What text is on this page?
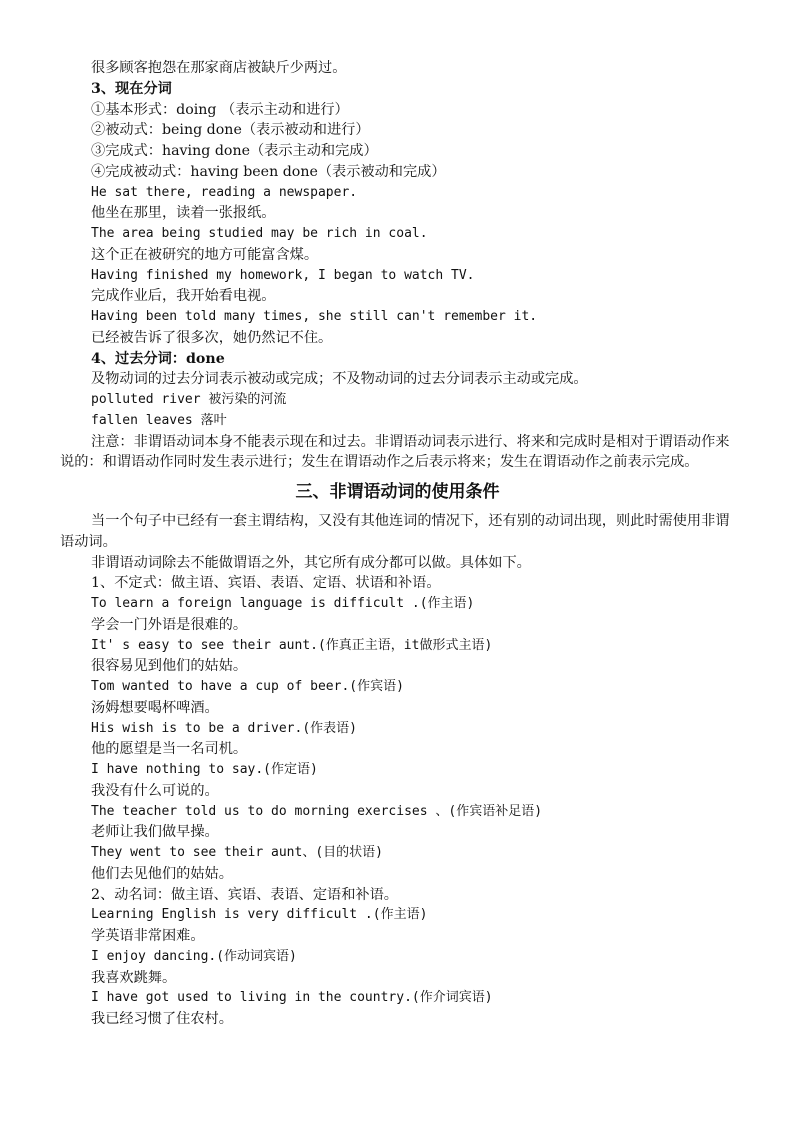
很多顾客抱怨在那家商店被缺斤少两过。
3、现在分词
①基本形式：doing （表示主动和进行）
②被动式：being done（表示被动和进行）
③完成式：having done（表示主动和完成）
④完成被动式：having been done（表示被动和完成）
He sat there, reading a newspaper.
他坐在那里，读着一张报纸。
The area being studied may be rich in coal.
这个正在被研究的地方可能富含煤。
Having finished my homework, I began to watch TV.
完成作业后，我开始看电视。
Having been told many times, she still can't remember it.
已经被告诉了很多次，她仍然记不住。
4、过去分词：done
及物动词的过去分词表示被动或完成；不及物动词的过去分词表示主动或完成。
polluted river 被污染的河流
fallen leaves 落叶
注意：非谓语动词本身不能表示现在和过去。非谓语动词表示进行、将来和完成时是相对于谓语动作来说的：和谓语动作同时发生表示进行；发生在谓语动作之后表示将来；发生在谓语动作之前表示完成。
三、非谓语动词的使用条件
当一个句子中已经有一套主谓结构，又没有其他连词的情况下，还有别的动词出现，则此时需使用非谓语动词。
非谓语动词除去不能做谓语之外，其它所有成分都可以做。具体如下。
1、不定式：做主语、宾语、表语、定语、状语和补语。
To learn a foreign language is difficult .(作主语)
学会一门外语是很难的。
It' s easy to see their aunt.(作真正主语，it做形式主语)
很容易见到他们的姑姑。
Tom wanted to have a cup of beer.(作宾语)
汤姆想要喝杯啤酒。
His wish is to be a driver.(作表语)
他的愿望是当一名司机。
I have nothing to say.(作定语)
我没有什么可说的。
The teacher told us to do morning exercises 、(作宾语补足语)
老师让我们做早操。
They went to see their aunt、(目的状语)
他们去见他们的姑姑。
2、动名词：做主语、宾语、表语、定语和补语。
Learning English is very difficult .(作主语)
学英语非常困难。
I enjoy dancing.(作动词宾语)
我喜欢跳舞。
I have got used to living in the country.(作介词宾语)
我已经习惯了住农村。
